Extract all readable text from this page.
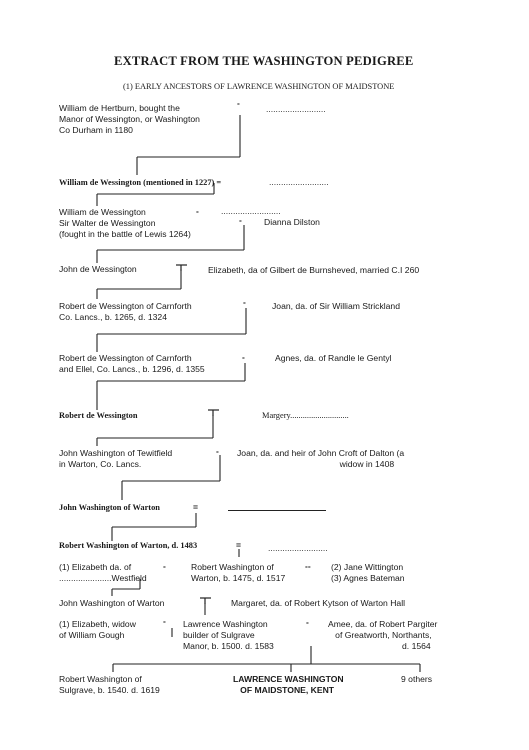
EXTRACT FROM THE WASHINGTON PEDIGREE
(1) EARLY ANCESTORS OF LAWRENCE WASHINGTON OF MAIDSTONE
William de Hertburn, bought the
Manor of Wessington, or Washington
Co Durham in 1180
-
.........................
William de Wessington (mentioned in 1227) =	.........................
William de Wessington
Sir Walter de Wessington
(fought in the battle of Lewis 1264)
-	.........................
-	Dianna Dilston
John de Wessington	Elizabeth, da of Gilbert de Burnsheved, married C.I 260
Robert de Wessington of Carnforth
Co. Lancs., b. 1265, d. 1324
-	Joan, da. of Sir William Strickland
Robert de Wessington of Carnforth
and Ellel, Co. Lancs., b. 1296, d. 1355
-	Agnes, da. of Randle le Gentyl
Robert de Wessington	Margery............................
John Washington of Tewitfield
in Warton, Co. Lancs.
- Joan, da. and heir of John Croft of Dalton (a
widow in 1408
John Washington of Warton	=
Robert Washington of Warton, d. 1483	=	.........................
(1) Elizabeth da. of
......................Westfield
-	Robert Washington of
Warton, b. 1475, d. 1517
-- (2) Jane Wittington
(3) Agnes Bateman
John Washington of Warton	Margaret, da. of Robert Kytson of Warton Hall
(1) Elizabeth, widow
of William Gough
- Lawrence Washington
builder of Sulgrave
Manor, b. 1500. d. 1583
- Amee, da. of Robert Pargiter
of Greatworth, Northants,
d. 1564
Robert Washington of
Sulgrave, b. 1540. d. 1619
LAWRENCE WASHINGTON
OF MAIDSTONE, KENT
9 others
